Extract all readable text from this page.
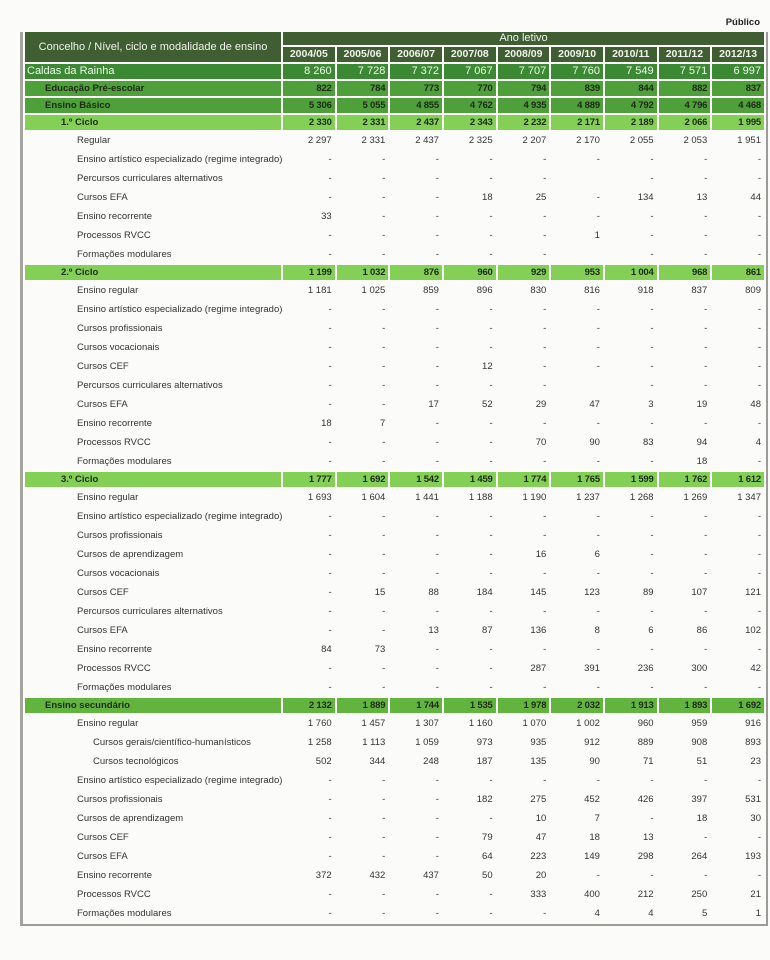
Público
Concelho / Nível, ciclo e modalidade de ensino	Ano letivo								
	2004/05	2005/06	2006/07	2007/08	2008/09	2009/10	2010/11	2011/12	2012/13
Caldas da Rainha	8 260	7 728	7 372	7 067	7 707	7 760	7 549	7 571	6 997
Educação Pré-escolar	822	784	773	770	794	839	844	882	837
Ensino Básico	5 306	5 055	4 855	4 762	4 935	4 889	4 792	4 796	4 468
1.º Ciclo	2 330	2 331	2 437	2 343	2 232	2 171	2 189	2 066	1 995
Regular	2 297	2 331	2 437	2 325	2 207	2 170	2 055	2 053	1 951
Ensino artístico especializado (regime integrado)	-	-	-	-	-	-	-	-	-
Percursos curriculares alternativos	-	-	-	-	-		-	-	-
Cursos EFA	-	-	-	18	25	-	134	13	44
Ensino recorrente	33	-	-	-	-	-	-	-	-
Processos RVCC	-	-	-	-	-	1	-	-	-
Formações modulares	-	-	-	-	-		-	-	-
2.º Ciclo	1 199	1 032	876	960	929	953	1 004	968	861
Ensino regular	1 181	1 025	859	896	830	816	918	837	809
Ensino artístico especializado (regime integrado)	-	-	-	-	-	-	-	-	-
Cursos profissionais	-	-	-	-	-	-	-	-	-
Cursos vocacionais	-	-	-	-	-	-	-	-	-
Cursos CEF	-	-	-	12	-	-	-	-	-
Percursos curriculares alternativos	-	-	-	-	-		-	-	-
Cursos EFA	-	-	17	52	29	47	3	19	48
Ensino recorrente	18	7	-	-	-	-	-	-	-
Processos RVCC	-	-	-	-	70	90	83	94	4
Formações modulares	-	-	-	-	-	-	-	18	-
3.º Ciclo	1 777	1 692	1 542	1 459	1 774	1 765	1 599	1 762	1 612
Ensino regular	1 693	1 604	1 441	1 188	1 190	1 237	1 268	1 269	1 347
Ensino artístico especializado (regime integrado)	-	-	-	-	-	-	-	-	-
Cursos profissionais	-	-	-	-	-	-	-	-	-
Cursos de aprendizagem	-	-	-	-	16	6	-	-	-
Cursos vocacionais	-	-	-	-	-	-	-	-	-
Cursos CEF	-	15	88	184	145	123	89	107	121
Percursos curriculares alternativos	-	-	-	-	-	-	-	-	-
Cursos EFA	-	-	13	87	136	8	6	86	102
Ensino recorrente	84	73	-	-	-	-	-	-	-
Processos RVCC	-	-	-	-	287	391	236	300	42
Formações modulares	-	-	-	-	-	-	-	-	-
Ensino secundário	2 132	1 889	1 744	1 535	1 978	2 032	1 913	1 893	1 692
Ensino regular	1 760	1 457	1 307	1 160	1 070	1 002	960	959	916
Cursos gerais/científico-humanísticos	1 258	1 113	1 059	973	935	912	889	908	893
Cursos tecnológicos	502	344	248	187	135	90	71	51	23
Ensino artístico especializado (regime integrado)	-	-	-	-	-	-	-	-	-
Cursos profissionais	-	-	-	182	275	452	426	397	531
Cursos de aprendizagem	-	-	-	-	10	7	-	18	30
Cursos CEF	-	-	-	79	47	18	13	-	-
Cursos EFA	-	-	-	64	223	149	298	264	193
Ensino recorrente	372	432	437	50	20	-	-	-	-
Processos RVCC	-	-	-	-	333	400	212	250	21
Formações modulares	-	-	-	-	-	4	4	5	1
